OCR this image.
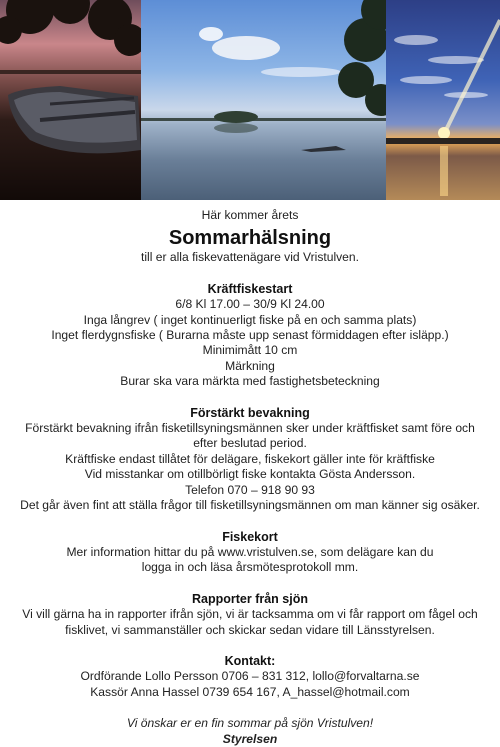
Här kommer årets
Sommarhälsning
till er alla fiskevattenägare vid Vristulven.
Kräftfiskestart
6/8 Kl 17.00 – 30/9 Kl 24.00
Inga långrev ( inget kontinuerligt fiske på en och samma plats)
Inget flerdygnsfiske ( Burarna måste upp senast förmiddagen efter isläpp.)
Minimimått 10 cm
Märkning
Burar ska vara märkta med fastighetsbeteckning
Förstärkt bevakning
Förstärkt bevakning ifrån fisketillsyningsmännen sker under kräftfisket samt före och
efter beslutad period.
Kräftfiske endast tillåtet för delägare, fiskekort gäller inte för kräftfiske
Vid misstankar om otillbörligt fiske kontakta Gösta Andersson.
Telefon 070 – 918 90 93
Det går även fint att ställa frågor till fisketillsyningsmännen om man känner sig osäker.
Fiskekort
Mer information hittar du på www.vristulven.se, som delägare kan du
logga in och läsa årsmötesprotokoll mm.
Rapporter från sjön
Vi vill gärna ha in rapporter ifrån sjön, vi är tacksamma om vi får rapport om fågel och
fisklivet, vi sammanställer och skickar sedan vidare till Länsstyrelsen.
Kontakt:
Ordförande Lollo Persson 0706 – 831 312, lollo@forvaltarna.se
Kassör Anna Hassel 0739 654 167, A_hassel@hotmail.com
Vi önskar er en fin sommar på sjön Vristulven!
Styrelsen
